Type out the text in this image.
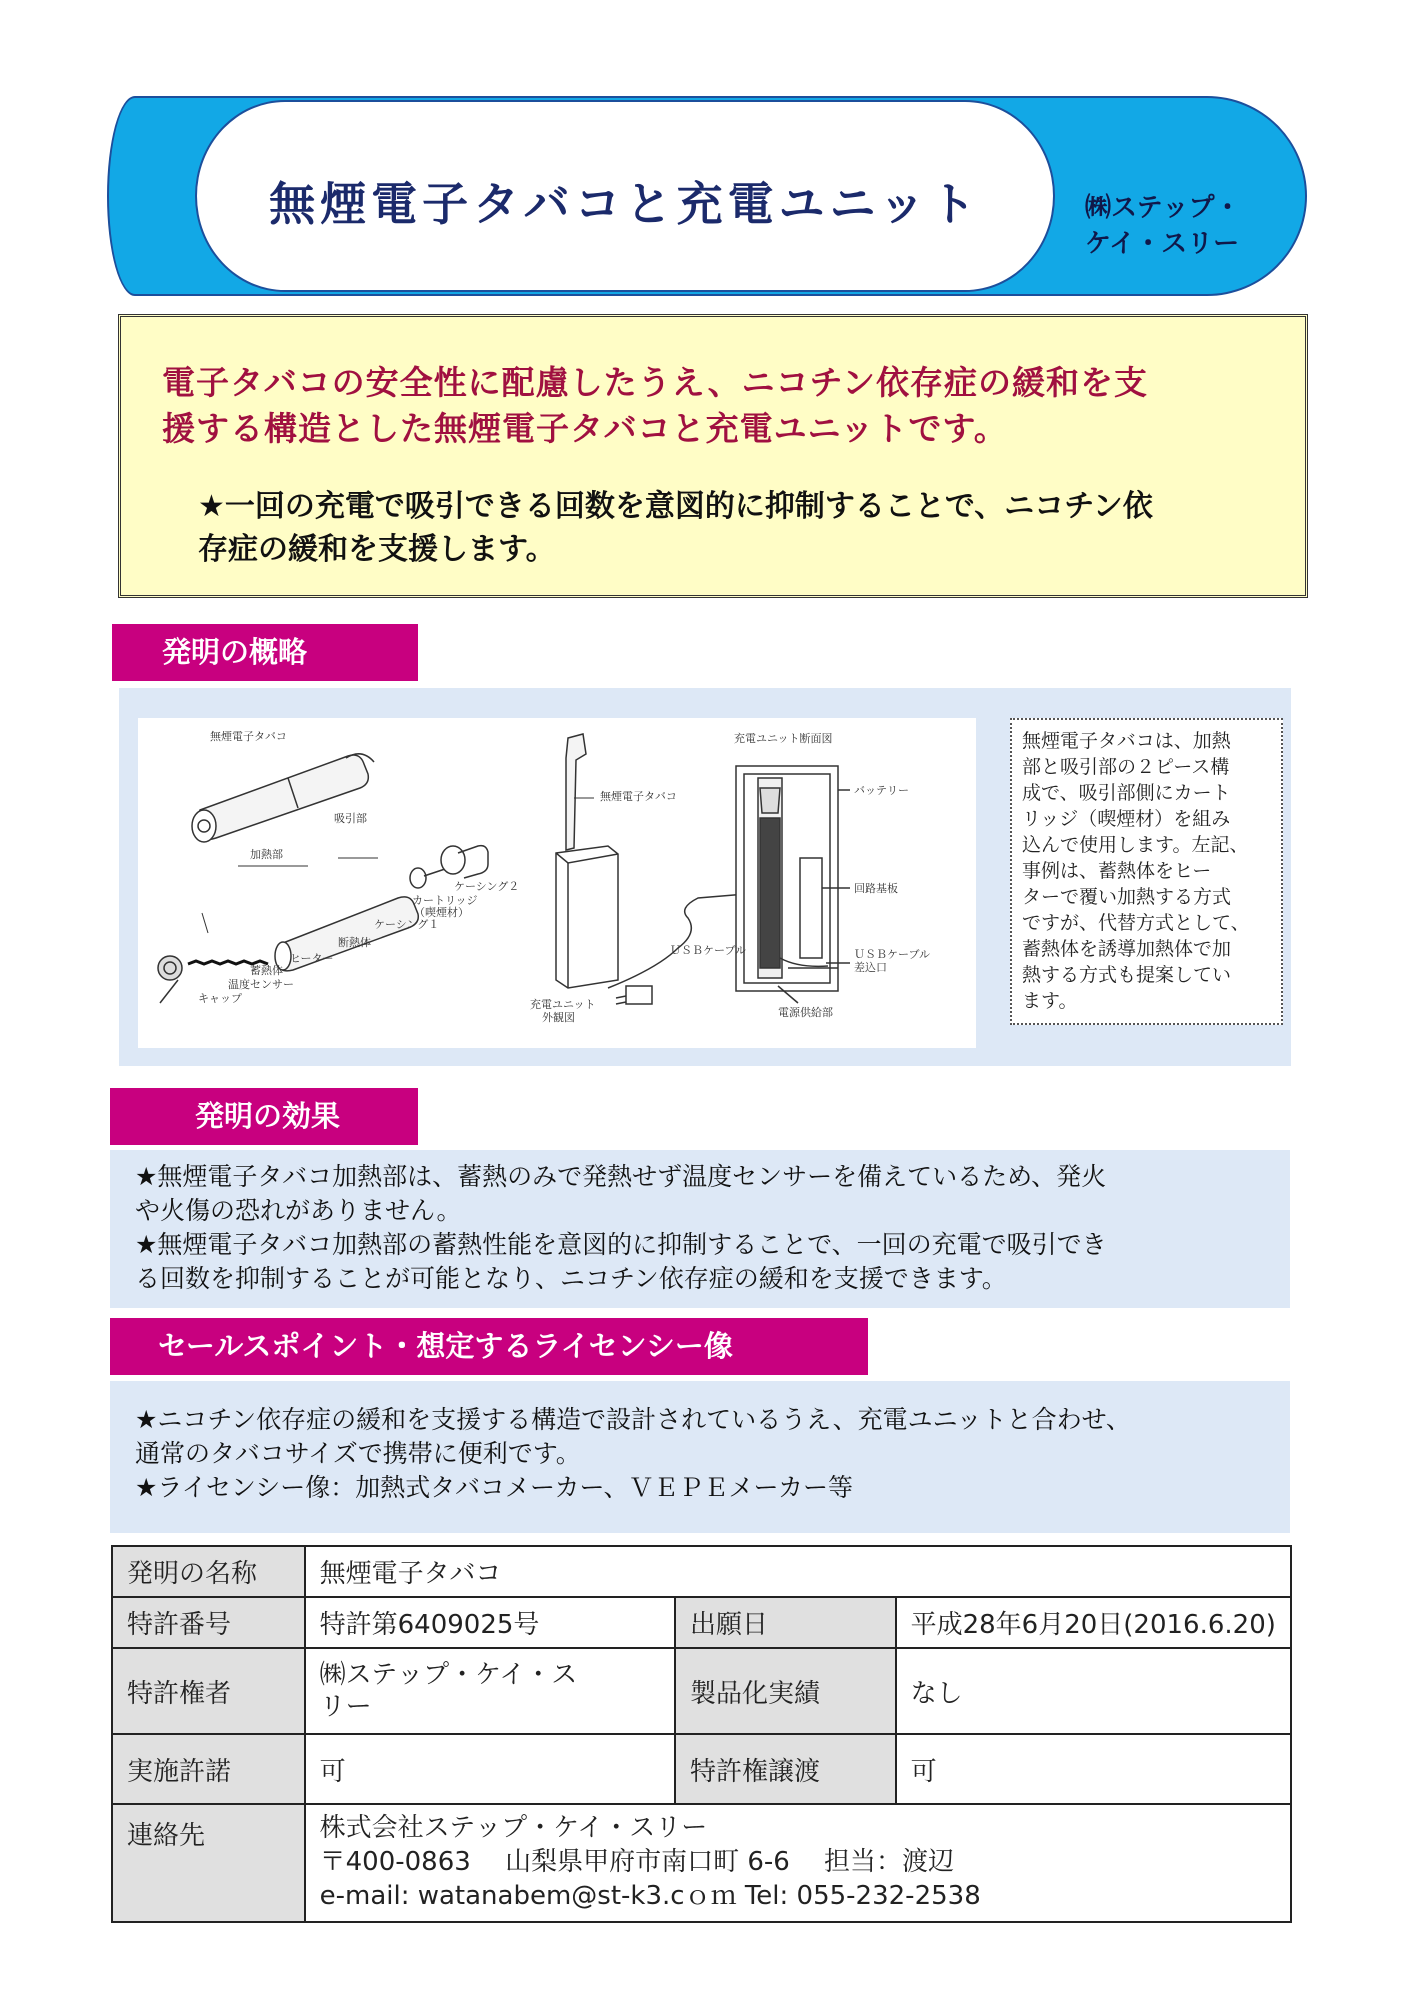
無煙電子タバコと充電ユニット	㈱ステップ・
ケイ・スリー
電子タバコの安全性に配慮したうえ、ニコチン依存症の緩和を支
援する構造とした無煙電子タバコと充電ユニットです。
★一回の充電で吸引できる回数を意図的に抑制することで、ニコチン依
存症の緩和を支援します。
発明の概略
無煙電子タバコ
吸引部
加熱部
ケーシング２
カートリッジ
（喫煙材）
ケーシング１
断熱体
ヒーター
蓄熱体
温度センサー
キャップ
無煙電子タバコ
充電ユニット
外観図
ＵＳＢケーブル
充電ユニット断面図
バッテリー
回路基板
ＵＳＢケーブル
差込口
電源供給部
無煙電子タバコは、加熱
部と吸引部の２ピース構
成で、吸引部側にカート
リッジ（喫煙材）を組み
込んで使用します。左記、
事例は、蓄熱体をヒー
ターで覆い加熱する方式
ですが、代替方式として、
蓄熱体を誘導加熱体で加
熱する方式も提案してい
ます。
発明の効果
★無煙電子タバコ加熱部は、蓄熱のみで発熱せず温度センサーを備えているため、発火
や火傷の恐れがありません。
★無煙電子タバコ加熱部の蓄熱性能を意図的に抑制することで、一回の充電で吸引でき
る回数を抑制することが可能となり、ニコチン依存症の緩和を支援できます。
セールスポイント・想定するライセンシー像
★ニコチン依存症の緩和を支援する構造で設計されているうえ、充電ユニットと合わせ、
通常のタバコサイズで携帯に便利です。
★ライセンシー像：加熱式タバコメーカー、ＶＥＰＥメーカー等
発明の名称	無煙電子タバコ		
特許番号	特許第6409025号	出願日	平成28年6月20日(2016.6.20)
特許権者	㈱ステップ・ケイ・ス
リー	製品化実績	なし
実施許諾	可	特許権譲渡	可
連絡先	株式会社ステップ・ケイ・スリー
〒400-0863　 山梨県甲府市南口町 6-6　 担当：渡辺
e-mail: watanabem@st-k3.cｏｍ Tel: 055-232-2538		
